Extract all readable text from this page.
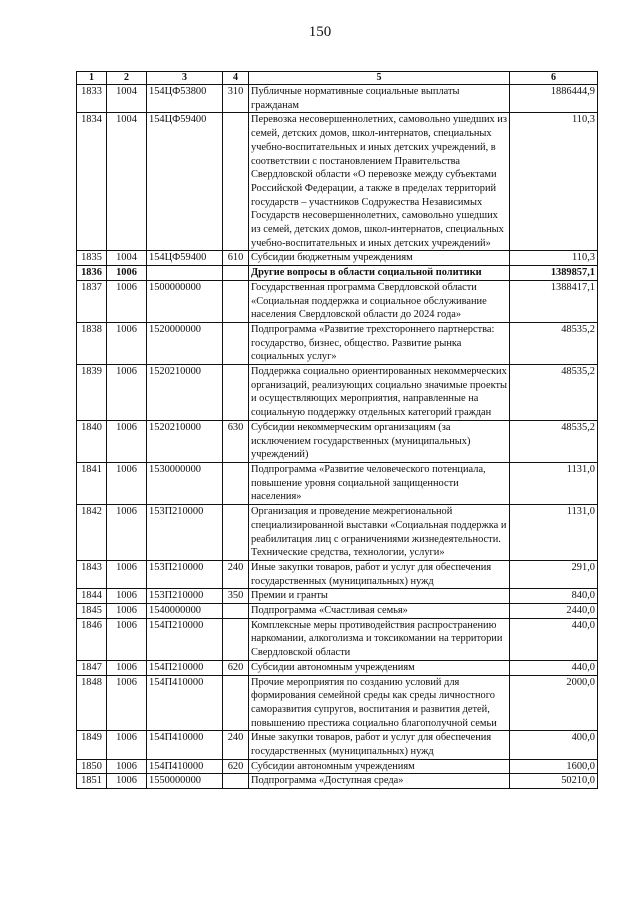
150
1	2	3	4	5	6
1833	1004	154ЦФ53800	310	Публичные нормативные социальные выплаты гражданам	1886444,9
1834	1004	154ЦФ59400		Перевозка несовершеннолетних, самовольно ушедших из семей, детских домов, школ-интернатов, специальных учебно-воспитательных и иных детских учреждений, в соответствии с постановлением Правительства Свердловской области «О перевозке между субъектами Российской Федерации, а также в пределах территорий государств – участников Содружества Независимых Государств несовершеннолетних, самовольно ушедших из семей, детских домов, школ-интернатов, специальных учебно-воспитательных и иных детских учреждений»	110,3
1835	1004	154ЦФ59400	610	Субсидии бюджетным учреждениям	110,3
1836	1006			Другие вопросы в области социальной политики	1389857,1
1837	1006	1500000000		Государственная программа Свердловской области «Социальная поддержка и социальное обслуживание населения Свердловской области до 2024 года»	1388417,1
1838	1006	1520000000		Подпрограмма «Развитие трехстороннего партнерства: государство, бизнес, общество. Развитие рынка социальных услуг»	48535,2
1839	1006	1520210000		Поддержка социально ориентированных некоммерческих организаций, реализующих социально значимые проекты и осуществляющих мероприятия, направленные на социальную поддержку отдельных категорий граждан	48535,2
1840	1006	1520210000	630	Субсидии некоммерческим организациям (за исключением государственных (муниципальных) учреждений)	48535,2
1841	1006	1530000000		Подпрограмма «Развитие человеческого потенциала, повышение уровня социальной защищенности населения»	1131,0
1842	1006	153П210000		Организация и проведение межрегиональной специализированной выставки «Социальная поддержка и реабилитация лиц с ограничениями жизнедеятельности. Технические средства, технологии, услуги»	1131,0
1843	1006	153П210000	240	Иные закупки товаров, работ и услуг для обеспечения государственных (муниципальных) нужд	291,0
1844	1006	153П210000	350	Премии и гранты	840,0
1845	1006	1540000000		Подпрограмма «Счастливая семья»	2440,0
1846	1006	154П210000		Комплексные меры противодействия распространению наркомании, алкоголизма и токсикомании на территории Свердловской области	440,0
1847	1006	154П210000	620	Субсидии автономным учреждениям	440,0
1848	1006	154П410000		Прочие мероприятия по созданию условий для формирования семейной среды как среды личностного саморазвития супругов, воспитания и развития детей, повышению престижа социально благополучной семьи	2000,0
1849	1006	154П410000	240	Иные закупки товаров, работ и услуг для обеспечения государственных (муниципальных) нужд	400,0
1850	1006	154П410000	620	Субсидии автономным учреждениям	1600,0
1851	1006	1550000000		Подпрограмма «Доступная среда»	50210,0
